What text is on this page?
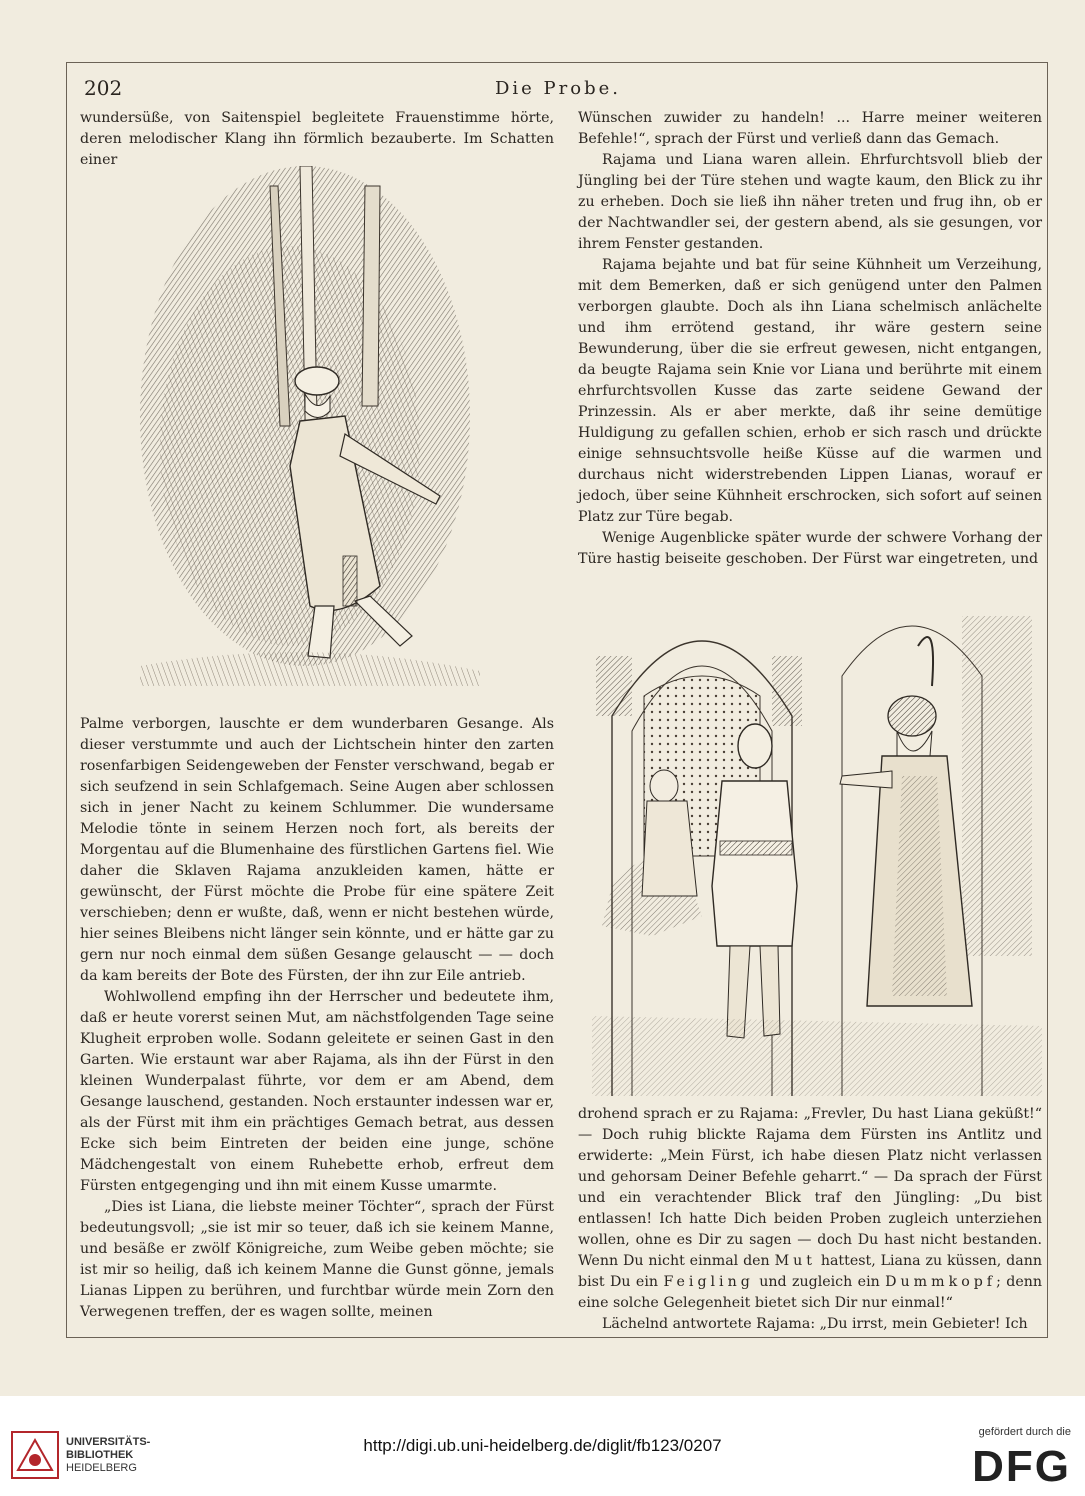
202	Die Probe.

wundersüße, von Saitenspiel begleitete Frauenstimme hörte, deren melodischer Klang ihn förmlich bezauberte. Im Schatten einer

Palme verborgen, lauschte er dem wunderbaren Gesange. Als dieser verstummte und auch der Lichtschein hinter den zarten rosenfarbigen Seidengeweben der Fenster verschwand, begab er sich seufzend in sein Schlafgemach. Seine Augen aber schlossen sich in jener Nacht zu keinem Schlummer. Die wundersame Melodie tönte in seinem Herzen noch fort, als bereits der Morgentau auf die Blumenhaine des fürstlichen Gartens fiel. Wie daher die Sklaven Rajama anzukleiden kamen, hätte er gewünscht, der Fürst möchte die Probe für eine spätere Zeit verschieben; denn er wußte, daß, wenn er nicht bestehen würde, hier seines Bleibens nicht länger sein könnte, und er hätte gar zu gern nur noch einmal dem süßen Gesange gelauscht — — doch da kam bereits der Bote des Fürsten, der ihn zur Eile antrieb.

Wohlwollend empfing ihn der Herrscher und bedeutete ihm, daß er heute vorerst seinen Mut, am nächstfolgenden Tage seine Klugheit erproben wolle. Sodann geleitete er seinen Gast in den Garten. Wie erstaunt war aber Rajama, als ihn der Fürst in den kleinen Wunderpalast führte, vor dem er am Abend, dem Gesange lauschend, gestanden. Noch erstaunter indessen war er, als der Fürst mit ihm ein prächtiges Gemach betrat, aus dessen Ecke sich beim Eintreten der beiden eine junge, schöne Mädchengestalt von einem Ruhebette erhob, erfreut dem Fürsten entgegenging und ihn mit einem Kusse umarmte.

„Dies ist Liana, die liebste meiner Töchter“, sprach der Fürst bedeutungsvoll; „sie ist mir so teuer, daß ich sie keinem Manne, und besäße er zwölf Königreiche, zum Weibe geben möchte; sie ist mir so heilig, daß ich keinem Manne die Gunst gönne, jemals Lianas Lippen zu berühren, und furchtbar würde mein Zorn den Verwegenen treffen, der es wagen sollte, meinen

Wünschen zuwider zu handeln! ... Harre meiner weiteren Befehle!“, sprach der Fürst und verließ dann das Gemach.

Rajama und Liana waren allein. Ehrfurchtsvoll blieb der Jüngling bei der Türe stehen und wagte kaum, den Blick zu ihr zu erheben. Doch sie ließ ihn näher treten und frug ihn, ob er der Nachtwandler sei, der gestern abend, als sie gesungen, vor ihrem Fenster gestanden.

Rajama bejahte und bat für seine Kühnheit um Verzeihung, mit dem Bemerken, daß er sich genügend unter den Palmen verborgen glaubte. Doch als ihn Liana schelmisch anlächelte und ihm errötend gestand, ihr wäre gestern seine Bewunderung, über die sie erfreut gewesen, nicht entgangen, da beugte Rajama sein Knie vor Liana und berührte mit einem ehrfurchtsvollen Kusse das zarte seidene Gewand der Prinzessin. Als er aber merkte, daß ihr seine demütige Huldigung zu gefallen schien, erhob er sich rasch und drückte einige sehnsuchtsvolle heiße Küsse auf die warmen und durchaus nicht widerstrebenden Lippen Lianas, worauf er jedoch, über seine Kühnheit erschrocken, sich sofort auf seinen Platz zur Türe begab.

Wenige Augenblicke später wurde der schwere Vorhang der Türe hastig beiseite geschoben. Der Fürst war eingetreten, und

drohend sprach er zu Rajama: „Frevler, Du hast Liana geküßt!“ — Doch ruhig blickte Rajama dem Fürsten ins Antlitz und erwiderte: „Mein Fürst, ich habe diesen Platz nicht verlassen und gehorsam Deiner Befehle geharrt.“ — Da sprach der Fürst und ein verachtender Blick traf den Jüngling: „Du bist entlassen! Ich hatte Dich beiden Proben zugleich unterziehen wollen, ohne es Dir zu sagen — doch Du hast nicht bestanden. Wenn Du nicht einmal den Mut hattest, Liana zu küssen, dann bist Du ein Feigling und zugleich ein Dummkopf; denn eine solche Gelegenheit bietet sich Dir nur einmal!“

Lächelnd antwortete Rajama: „Du irrst, mein Gebieter! Ich

UNIVERSITÄTS-
BIBLIOTHEK
HEIDELBERG
http://digi.ub.uni-heidelberg.de/diglit/fb123/0207
gefördert durch die
DFG
